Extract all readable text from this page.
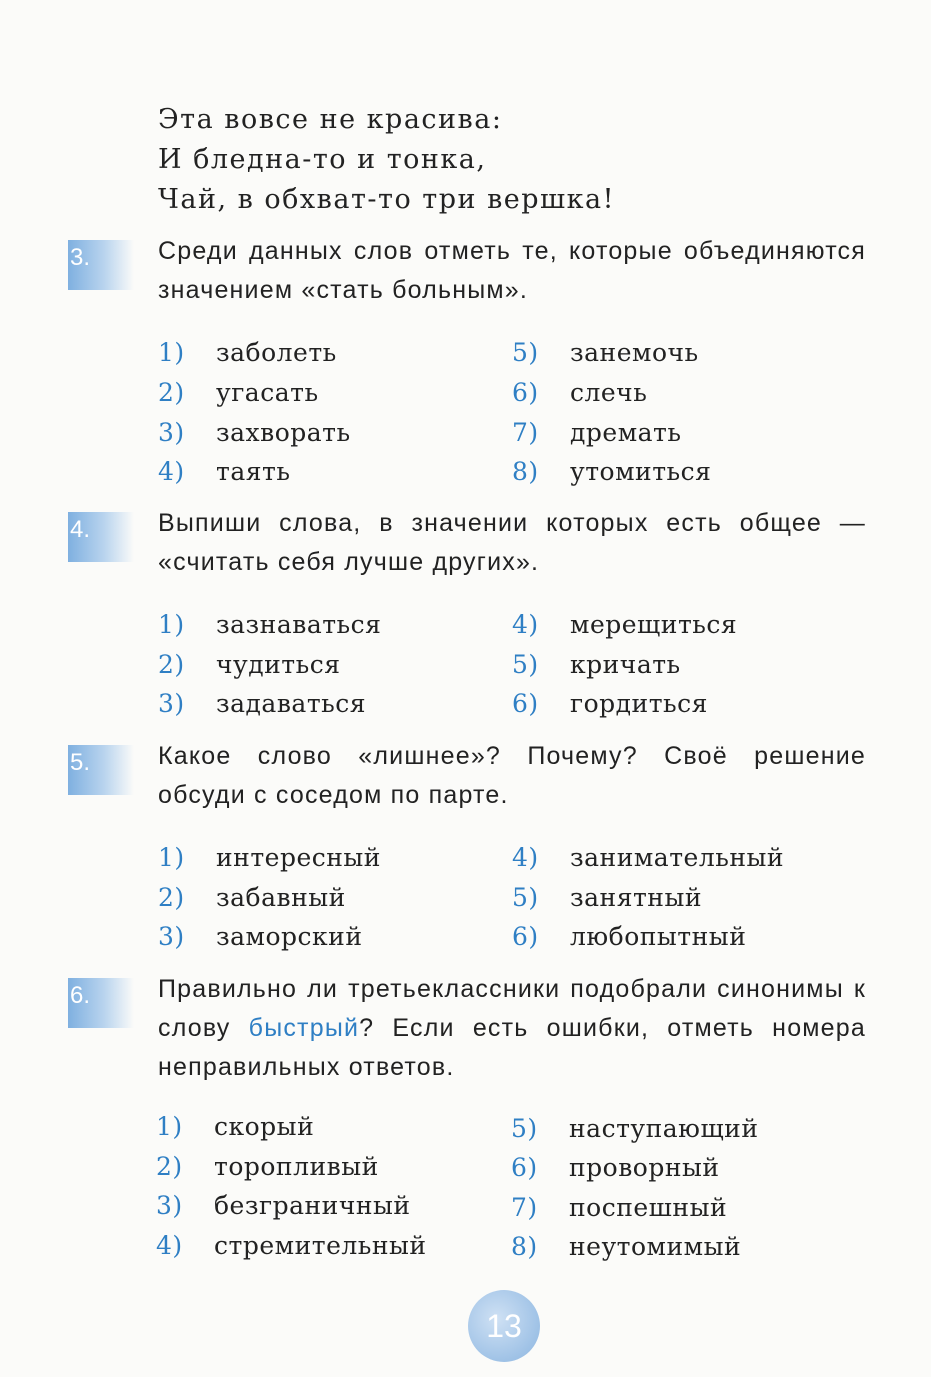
Эта вовсе не красива:
И бледна-то и тонка,
Чай, в обхват-то три вершка!
3.	Среди данных слов отметь те, которые объединяются значением «стать больным».
1) заболеть
2) угасать
3) захворать
4) таять
5) занемочь
6) слечь
7) дремать
8) утомиться
4.	Выпиши слова, в значении которых есть общее — «считать себя лучше других».
1) зазнаваться
2) чудиться
3) задаваться
4) мерещиться
5) кричать
6) гордиться
5.	Какое слово «лишнее»? Почему? Своё решение обсуди с соседом по парте.
1) интересный
2) забавный
3) заморский
4) занимательный
5) занятный
6) любопытный
6.	Правильно ли третьеклассники подобрали синонимы к слову быстрый? Если есть ошибки, отметь номера неправильных ответов.
1) скорый
2) торопливый
3) безграничный
4) стремительный
5) наступающий
6) проворный
7) поспешный
8) неутомимый
13
